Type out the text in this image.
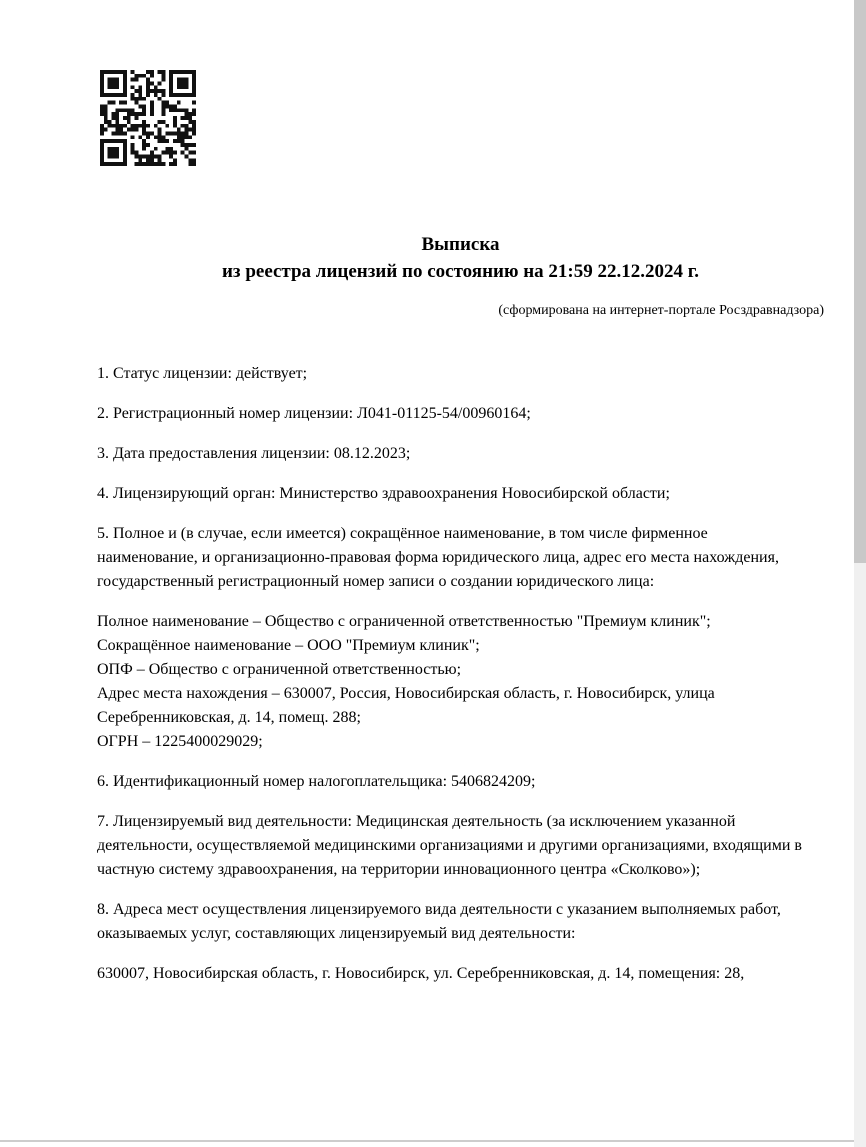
Выписка
из реестра лицензий по состоянию на 21:59 22.12.2024 г.
(сформирована на интернет-портале Росздравнадзора)
1. Статус лицензии: действует;
2. Регистрационный номер лицензии: Л041-01125-54/00960164;
3. Дата предоставления лицензии: 08.12.2023;
4. Лицензирующий орган: Министерство здравоохранения Новосибирской области;
5. Полное и (в случае, если имеется) сокращённое наименование, в том числе фирменное наименование, и организационно-правовая форма юридического лица, адрес его места нахождения, государственный регистрационный номер записи о создании юридического лица:
Полное наименование – Общество с ограниченной ответственностью "Премиум клиник";
Сокращённое наименование – ООО "Премиум клиник";
ОПФ – Общество с ограниченной ответственностью;
Адрес места нахождения – 630007, Россия, Новосибирская область, г. Новосибирск, улица Серебренниковская, д. 14, помещ. 288;
ОГРН – 1225400029029;
6. Идентификационный номер налогоплательщика: 5406824209;
7. Лицензируемый вид деятельности: Медицинская деятельность (за исключением указанной деятельности, осуществляемой медицинскими организациями и другими организациями, входящими в частную систему здравоохранения, на территории инновационного центра «Сколково»);
8. Адреса мест осуществления лицензируемого вида деятельности с указанием выполняемых работ, оказываемых услуг, составляющих лицензируемый вид деятельности:
630007, Новосибирская область, г. Новосибирск, ул. Серебренниковская, д. 14, помещения: 28,
